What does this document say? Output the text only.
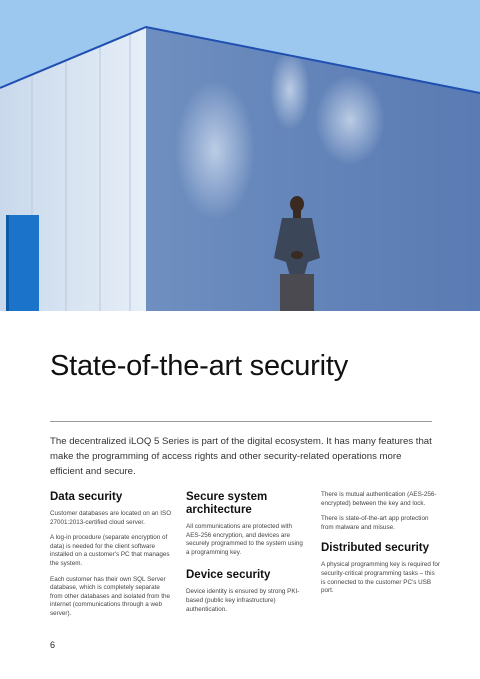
State-of-the-art security

The decentralized iLOQ 5 Series is part of the digital ecosystem. It has many features that make the programming of access rights and other security-related operations more efficient and secure.

Data security

Customer databases are located on an ISO 27001:2013-certified cloud server.

A log-in procedure (separate encryption of data) is needed for the client software installed on a customer's PC that manages the system.

Each customer has their own SQL Server database, which is completely separate from other databases and isolated from the internet (communications through a web server).

Secure system architecture

All communications are protected with AES-256 encryption, and devices are securely programmed to the system using a programming key.

Device security

Device identity is ensured by strong PKI-based (public key infrastructure) authentication.

There is mutual authentication (AES-256-encrypted) between the key and lock.

There is state-of-the-art app protection from malware and misuse.

Distributed security

A physical programming key is required for security-critical programming tasks – this is connected to the customer PC's USB port.

6
